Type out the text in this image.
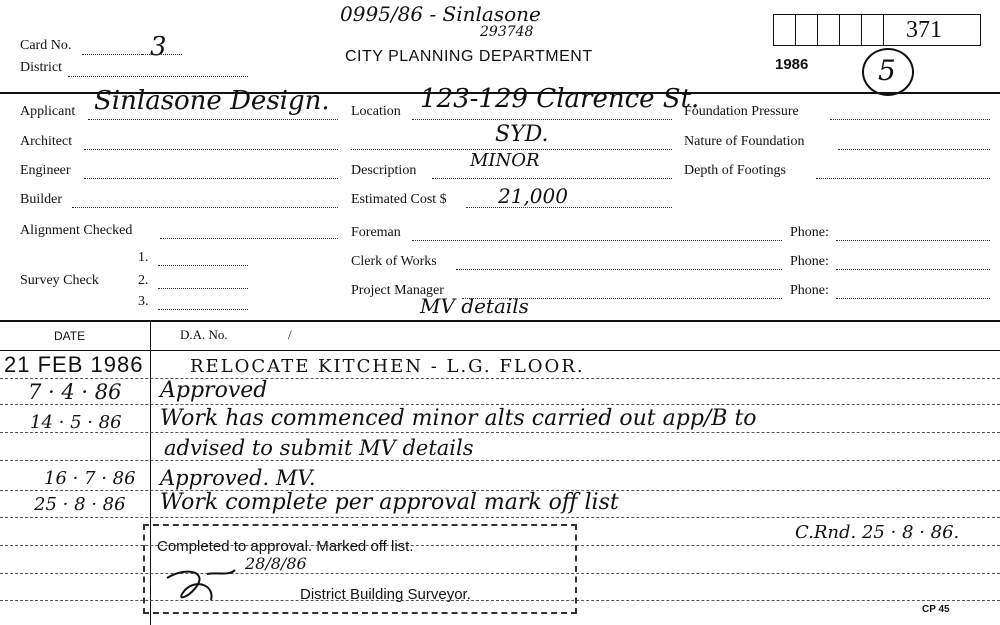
0995/86 - Sinlasone
293748
Card No.	3
District
CITY PLANNING DEPARTMENT
371
1986 5
Applicant Sinlasone Design.
Architect
Engineer
Builder
Alignment Checked
Survey Check
1.
2.
3.
Location 123-129 Clarence St.
SYD.
Description	MINOR
Estimated Cost $	21,000
Foreman
Clerk of Works
Project Manager
MV details
Foundation Pressure
Nature of Foundation
Depth of Footings
Phone:
Phone:
Phone:
DATE	D.A. No.	/
21 FEB 1986	RELOCATE KITCHEN - L.G. FLOOR.
7 · 4 · 86 Approved
14 · 5 · 86 Work has commenced minor alts carried out app/B to
advised to submit MV details
16 · 7 · 86 Approved. MV.
25 · 8 · 86 Work complete per approval mark off list
C.Rnd. 25 · 8 · 86.
Completed to approval. Marked off list.
28/8/86
District Building Surveyor.
CP 45
